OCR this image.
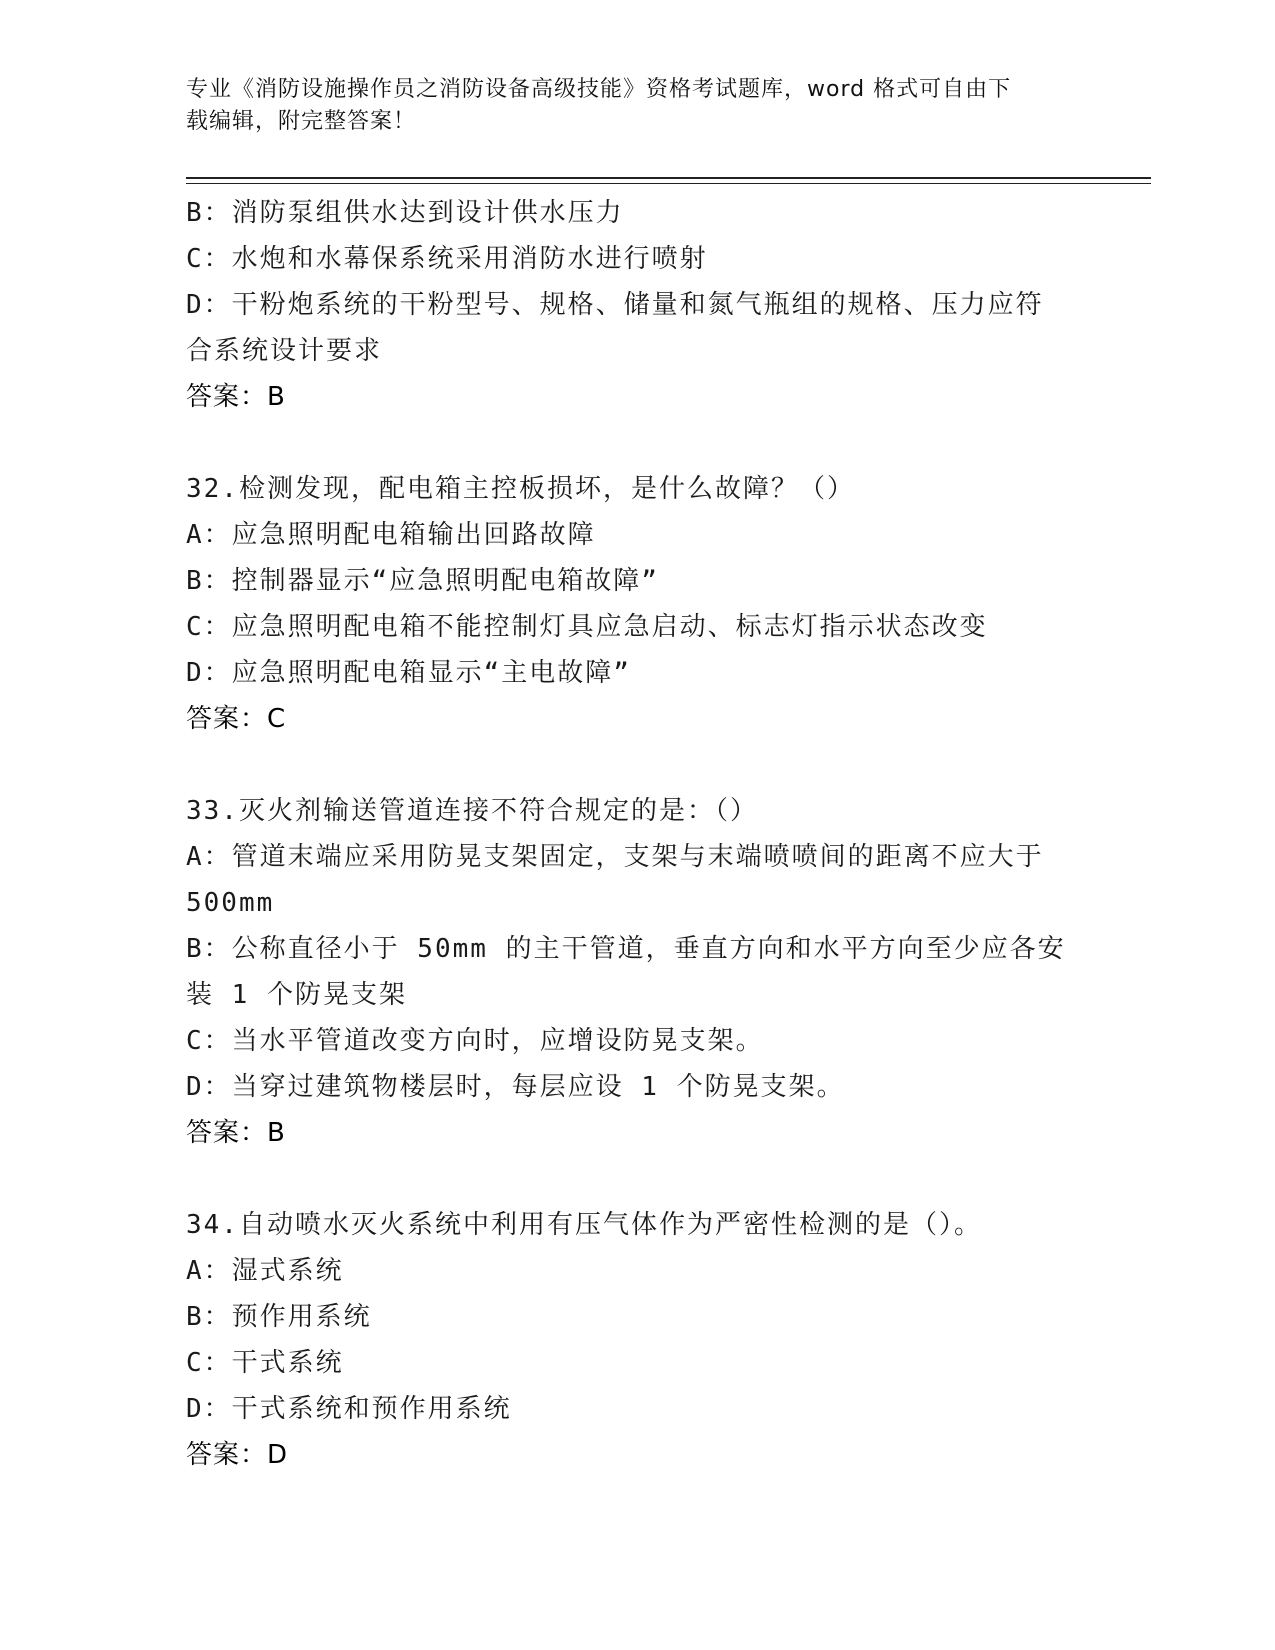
专业《消防设施操作员之消防设备高级技能》资格考试题库，word 格式可自由下
载编辑，附完整答案！
B：消防泵组供水达到设计供水压力
C：水炮和水幕保系统采用消防水进行喷射
D：干粉炮系统的干粉型号、规格、储量和氮气瓶组的规格、压力应符
合系统设计要求
答案：B
32.检测发现，配电箱主控板损坏，是什么故障？（）
A：应急照明配电箱输出回路故障
B：控制器显示“应急照明配电箱故障”
C：应急照明配电箱不能控制灯具应急启动、标志灯指示状态改变
D：应急照明配电箱显示“主电故障”
答案：C
33.灭火剂输送管道连接不符合规定的是：（）
A：管道末端应采用防晃支架固定，支架与末端喷喷间的距离不应大于
500mm
B：公称直径小于 50mm 的主干管道，垂直方向和水平方向至少应各安
装 1 个防晃支架
C：当水平管道改变方向时，应增设防晃支架。
D：当穿过建筑物楼层时，每层应设 1 个防晃支架。
答案：B
34.自动喷水灭火系统中利用有压气体作为严密性检测的是（）。
A：湿式系统
B：预作用系统
C：干式系统
D：干式系统和预作用系统
答案：D
